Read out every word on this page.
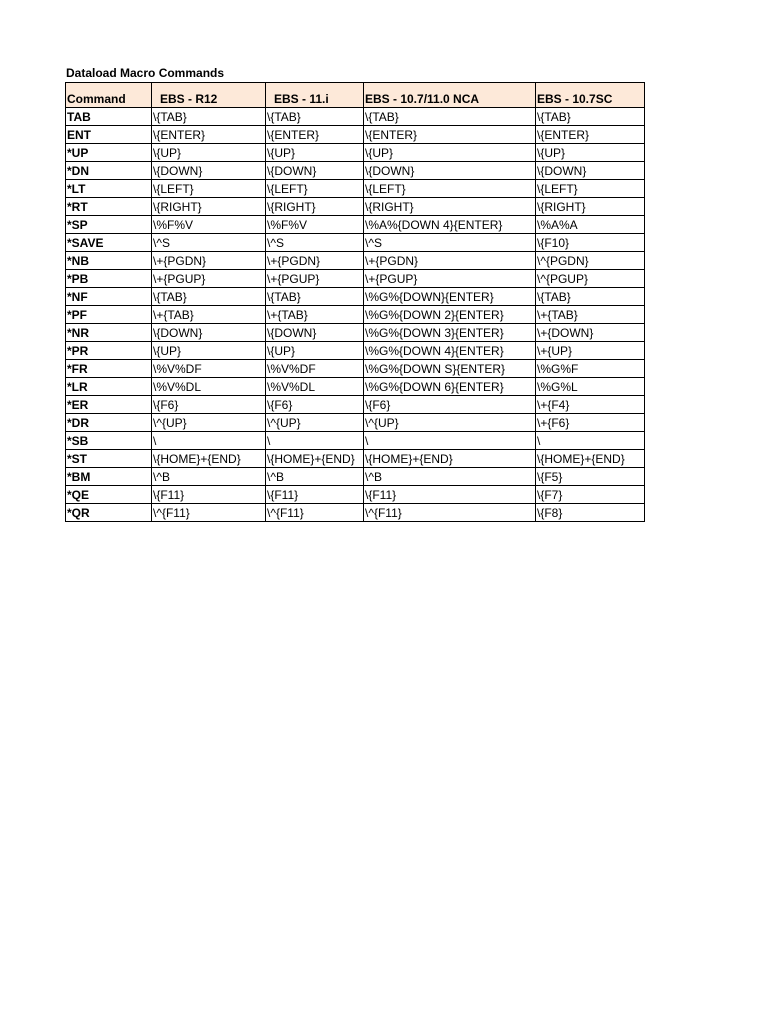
Dataload Macro Commands
Command	EBS - R12	EBS - 11.i	EBS - 10.7/11.0 NCA	EBS - 10.7SC
TAB	\{TAB}	\{TAB}	\{TAB}	\{TAB}
ENT	\{ENTER}	\{ENTER}	\{ENTER}	\{ENTER}
*UP	\{UP}	\{UP}	\{UP}	\{UP}
*DN	\{DOWN}	\{DOWN}	\{DOWN}	\{DOWN}
*LT	\{LEFT}	\{LEFT}	\{LEFT}	\{LEFT}
*RT	\{RIGHT}	\{RIGHT}	\{RIGHT}	\{RIGHT}
*SP	\%F%V	\%F%V	\%A%{DOWN 4}{ENTER}	\%A%A
*SAVE	\^S	\^S	\^S	\{F10}
*NB	\+{PGDN}	\+{PGDN}	\+{PGDN}	\^{PGDN}
*PB	\+{PGUP}	\+{PGUP}	\+{PGUP}	\^{PGUP}
*NF	\{TAB}	\{TAB}	\%G%{DOWN}{ENTER}	\{TAB}
*PF	\+{TAB}	\+{TAB}	\%G%{DOWN 2}{ENTER}	\+{TAB}
*NR	\{DOWN}	\{DOWN}	\%G%{DOWN 3}{ENTER}	\+{DOWN}
*PR	\{UP}	\{UP}	\%G%{DOWN 4}{ENTER}	\+{UP}
*FR	\%V%DF	\%V%DF	\%G%{DOWN S}{ENTER}	\%G%F
*LR	\%V%DL	\%V%DL	\%G%{DOWN 6}{ENTER}	\%G%L
*ER	\{F6}	\{F6}	\{F6}	\+{F4}
*DR	\^{UP}	\^{UP}	\^{UP}	\+{F6}
*SB	\	\	\	\
*ST	\{HOME}+{END}	\{HOME}+{END}	\{HOME}+{END}	\{HOME}+{END}
*BM	\^B	\^B	\^B	\{F5}
*QE	\{F11}	\{F11}	\{F11}	\{F7}
*QR	\^{F11}	\^{F11}	\^{F11}	\{F8}
